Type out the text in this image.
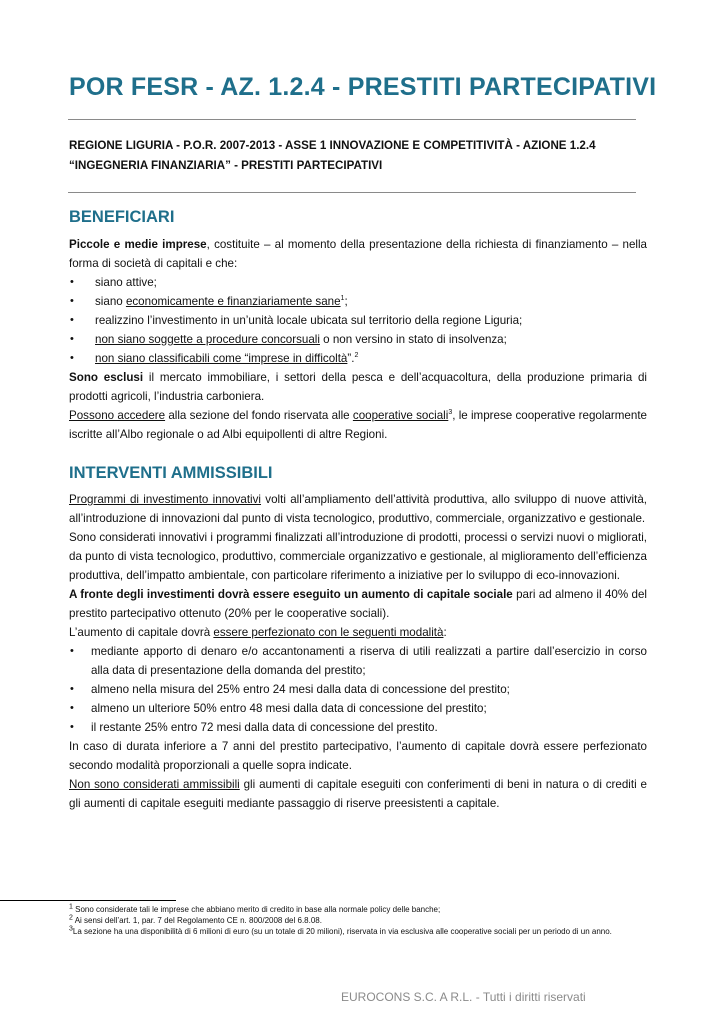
POR FESR - AZ. 1.2.4 - PRESTITI PARTECIPATIVI
REGIONE LIGURIA - P.O.R. 2007-2013 - ASSE 1 INNOVAZIONE E COMPETITIVITÀ - AZIONE 1.2.4
“INGEGNERIA FINANZIARIA” - PRESTITI PARTECIPATIVI
BENEFICIARI

Piccole e medie imprese, costituite – al momento della presentazione della richiesta di finanziamento – nella forma di società di capitali e che:

• siano attive;
• siano economicamente e finanziariamente sane$^1$;
• realizzino l’investimento in un’unità locale ubicata sul territorio della regione Liguria;
• non siano soggette a procedure concorsuali o non versino in stato di insolvenza;
• non siano classificabili come “imprese in difficoltà”.$^2$

Sono esclusi il mercato immobiliare, i settori della pesca e dell’acquacoltura, della produzione primaria di prodotti agricoli, l’industria carboniera.

Possono accedere alla sezione del fondo riservata alle cooperative sociali$^3$, le imprese cooperative regolarmente iscritte all’Albo regionale o ad Albi equipollenti di altre Regioni.

INTERVENTI AMMISSIBILI

Programmi di investimento innovativi volti all’ampliamento dell’attività produttiva, allo sviluppo di nuove attività, all’introduzione di innovazioni dal punto di vista tecnologico, produttivo, commerciale, organizzativo e gestionale.

Sono considerati innovativi i programmi finalizzati all’introduzione di prodotti, processi o servizi nuovi o migliorati, da punto di vista tecnologico, produttivo, commerciale organizzativo e gestionale, al miglioramento dell’efficienza produttiva, dell’impatto ambientale, con particolare riferimento a iniziative per lo sviluppo di eco-innovazioni.

A fronte degli investimenti dovrà essere eseguito un aumento di capitale sociale pari ad almeno il 40% del prestito partecipativo ottenuto (20% per le cooperative sociali).

L’aumento di capitale dovrà essere perfezionato con le seguenti modalità:

• mediante apporto di denaro e/o accantonamenti a riserva di utili realizzati a partire dall’esercizio in corso alla data di presentazione della domanda del prestito;
• almeno nella misura del 25% entro 24 mesi dalla data di concessione del prestito;
• almeno un ulteriore 50% entro 48 mesi dalla data di concessione del prestito;
• il restante 25% entro 72 mesi dalla data di concessione del prestito.

In caso di durata inferiore a 7 anni del prestito partecipativo, l’aumento di capitale dovrà essere perfezionato secondo modalità proporzionali a quelle sopra indicate.

Non sono considerati ammissibili gli aumenti di capitale eseguiti con conferimenti di beni in natura o di crediti e gli aumenti di capitale eseguiti mediante passaggio di riserve preesistenti a capitale.

$^1$ Sono considerate tali le imprese che abbiano merito di credito in base alla normale policy delle banche;

$^2$ Ai sensi dell’art. 1, par. 7 del Regolamento CE n. 800/2008 del 6.8.08.

$^3$La sezione ha una disponibilità di 6 milioni di euro (su un totale di 20 milioni), riservata in via esclusiva alle cooperative sociali per un periodo di un anno.

EUROCONS S.C. A R.L. - Tutti i diritti riservati
